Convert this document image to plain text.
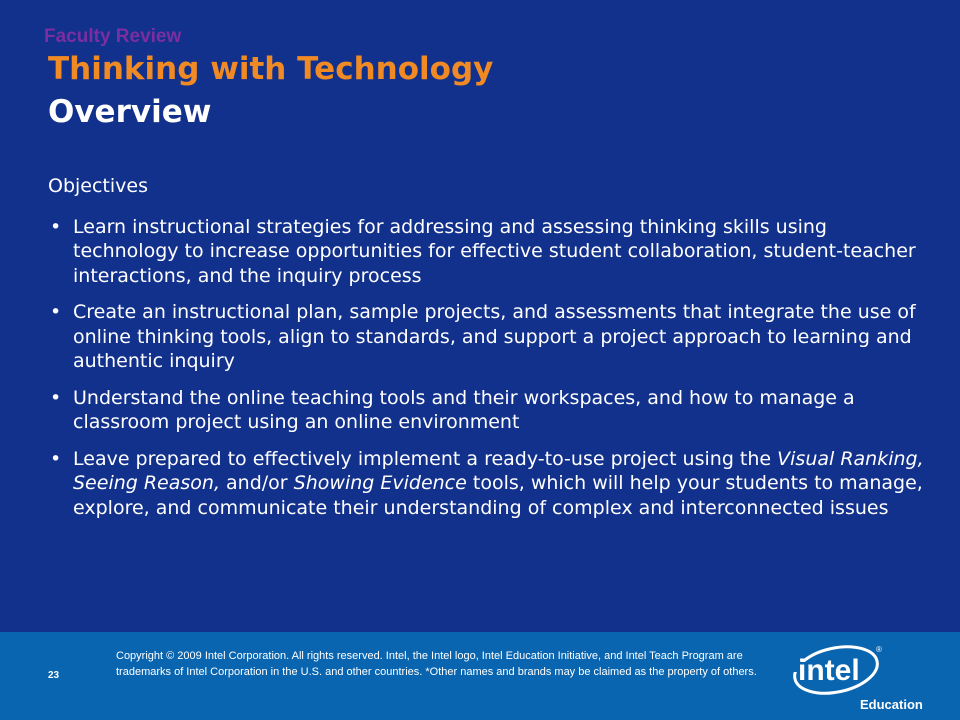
Faculty Review
Thinking with Technology
Overview
Objectives
• Learn instructional strategies for addressing and assessing thinking skills using technology to increase opportunities for effective student collaboration, student-teacher interactions, and the inquiry process
• Create an instructional plan, sample projects, and assessments that integrate the use of online thinking tools, align to standards, and support a project approach to learning and authentic inquiry
• Understand the online teaching tools and their workspaces, and how to manage a classroom project using an online environment
• Leave prepared to effectively implement a ready-to-use project using the Visual Ranking, Seeing Reason, and/or Showing Evidence tools, which will help your students to manage, explore, and communicate their understanding of complex and interconnected issues
23
Copyright © 2009 Intel Corporation. All rights reserved. Intel, the Intel logo, Intel Education Initiative, and Intel Teach Program are trademarks of Intel Corporation in the U.S. and other countries. *Other names and brands may be claimed as the property of others.	intel
®
Education
